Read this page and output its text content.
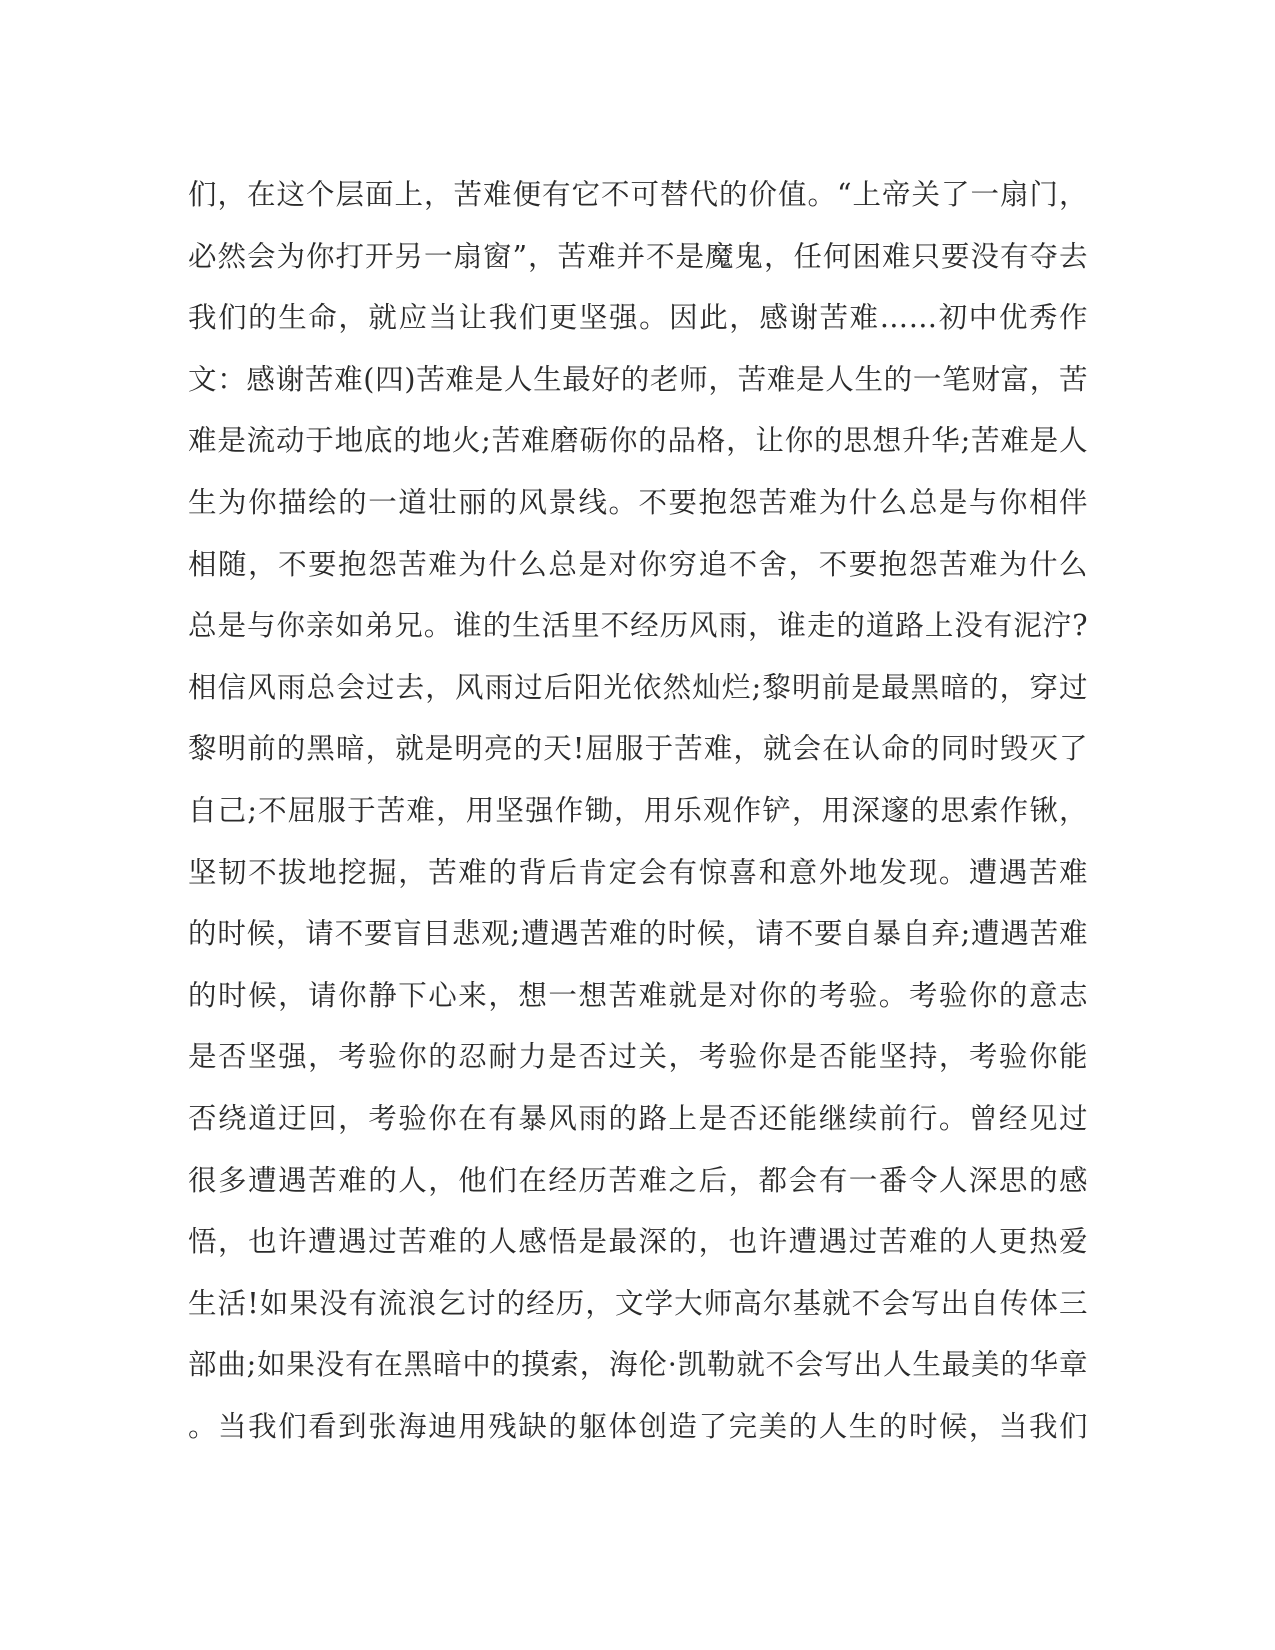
们，在这个层面上，苦难便有它不可替代的价值。“上帝关了一扇门，
必然会为你打开另一扇窗”，苦难并不是魔鬼，任何困难只要没有夺去
我们的生命，就应当让我们更坚强。因此，感谢苦难……初中优秀作
文：感谢苦难(四)苦难是人生最好的老师，苦难是人生的一笔财富，苦
难是流动于地底的地火;苦难磨砺你的品格，让你的思想升华;苦难是人
生为你描绘的一道壮丽的风景线。不要抱怨苦难为什么总是与你相伴
相随，不要抱怨苦难为什么总是对你穷追不舍，不要抱怨苦难为什么
总是与你亲如弟兄。谁的生活里不经历风雨，谁走的道路上没有泥泞?
相信风雨总会过去，风雨过后阳光依然灿烂;黎明前是最黑暗的，穿过
黎明前的黑暗，就是明亮的天!屈服于苦难，就会在认命的同时毁灭了
自己;不屈服于苦难，用坚强作锄，用乐观作铲，用深邃的思索作锹，
坚韧不拔地挖掘，苦难的背后肯定会有惊喜和意外地发现。遭遇苦难
的时候，请不要盲目悲观;遭遇苦难的时候，请不要自暴自弃;遭遇苦难
的时候，请你静下心来，想一想苦难就是对你的考验。考验你的意志
是否坚强，考验你的忍耐力是否过关，考验你是否能坚持，考验你能
否绕道迂回，考验你在有暴风雨的路上是否还能继续前行。曾经见过
很多遭遇苦难的人，他们在经历苦难之后，都会有一番令人深思的感
悟，也许遭遇过苦难的人感悟是最深的，也许遭遇过苦难的人更热爱
生活!如果没有流浪乞讨的经历，文学大师高尔基就不会写出自传体三
部曲;如果没有在黑暗中的摸索，海伦·凯勒就不会写出人生最美的华章
。当我们看到张海迪用残缺的躯体创造了完美的人生的时候，当我们
